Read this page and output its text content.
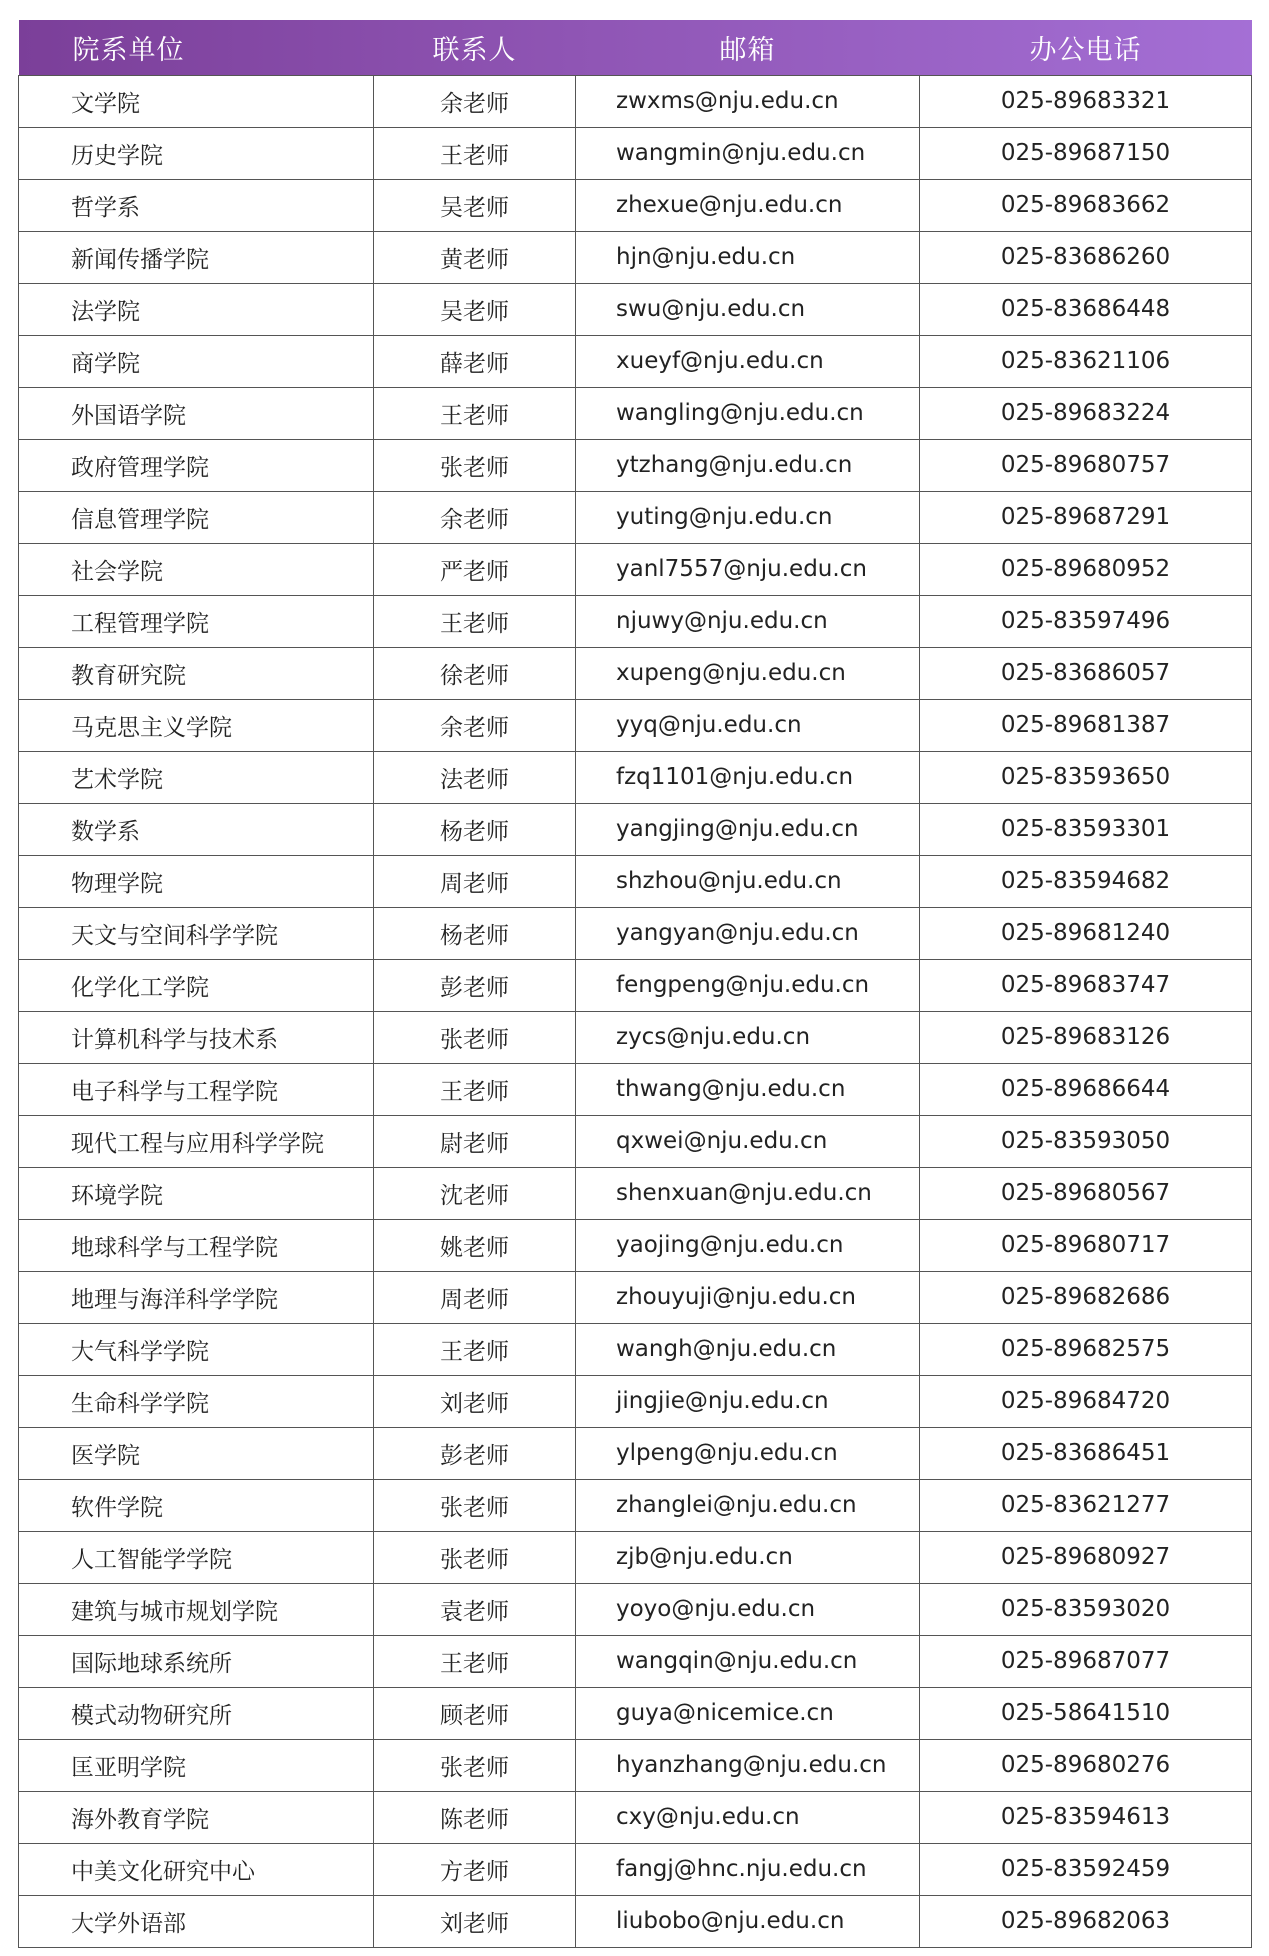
院系单位	联系人	邮箱	办公电话
文学院	余老师	zwxms@nju.edu.cn	025-89683321
历史学院	王老师	wangmin@nju.edu.cn	025-89687150
哲学系	吴老师	zhexue@nju.edu.cn	025-89683662
新闻传播学院	黄老师	hjn@nju.edu.cn	025-83686260
法学院	吴老师	swu@nju.edu.cn	025-83686448
商学院	薛老师	xueyf@nju.edu.cn	025-83621106
外国语学院	王老师	wangling@nju.edu.cn	025-89683224
政府管理学院	张老师	ytzhang@nju.edu.cn	025-89680757
信息管理学院	余老师	yuting@nju.edu.cn	025-89687291
社会学院	严老师	yanl7557@nju.edu.cn	025-89680952
工程管理学院	王老师	njuwy@nju.edu.cn	025-83597496
教育研究院	徐老师	xupeng@nju.edu.cn	025-83686057
马克思主义学院	余老师	yyq@nju.edu.cn	025-89681387
艺术学院	法老师	fzq1101@nju.edu.cn	025-83593650
数学系	杨老师	yangjing@nju.edu.cn	025-83593301
物理学院	周老师	shzhou@nju.edu.cn	025-83594682
天文与空间科学学院	杨老师	yangyan@nju.edu.cn	025-89681240
化学化工学院	彭老师	fengpeng@nju.edu.cn	025-89683747
计算机科学与技术系	张老师	zycs@nju.edu.cn	025-89683126
电子科学与工程学院	王老师	thwang@nju.edu.cn	025-89686644
现代工程与应用科学学院	尉老师	qxwei@nju.edu.cn	025-83593050
环境学院	沈老师	shenxuan@nju.edu.cn	025-89680567
地球科学与工程学院	姚老师	yaojing@nju.edu.cn	025-89680717
地理与海洋科学学院	周老师	zhouyuji@nju.edu.cn	025-89682686
大气科学学院	王老师	wangh@nju.edu.cn	025-89682575
生命科学学院	刘老师	jingjie@nju.edu.cn	025-89684720
医学院	彭老师	ylpeng@nju.edu.cn	025-83686451
软件学院	张老师	zhanglei@nju.edu.cn	025-83621277
人工智能学学院	张老师	zjb@nju.edu.cn	025-89680927
建筑与城市规划学院	袁老师	yoyo@nju.edu.cn	025-83593020
国际地球系统所	王老师	wangqin@nju.edu.cn	025-89687077
模式动物研究所	顾老师	guya@nicemice.cn	025-58641510
匡亚明学院	张老师	hyanzhang@nju.edu.cn	025-89680276
海外教育学院	陈老师	cxy@nju.edu.cn	025-83594613
中美文化研究中心	方老师	fangj@hnc.nju.edu.cn	025-83592459
大学外语部	刘老师	liubobo@nju.edu.cn	025-89682063
